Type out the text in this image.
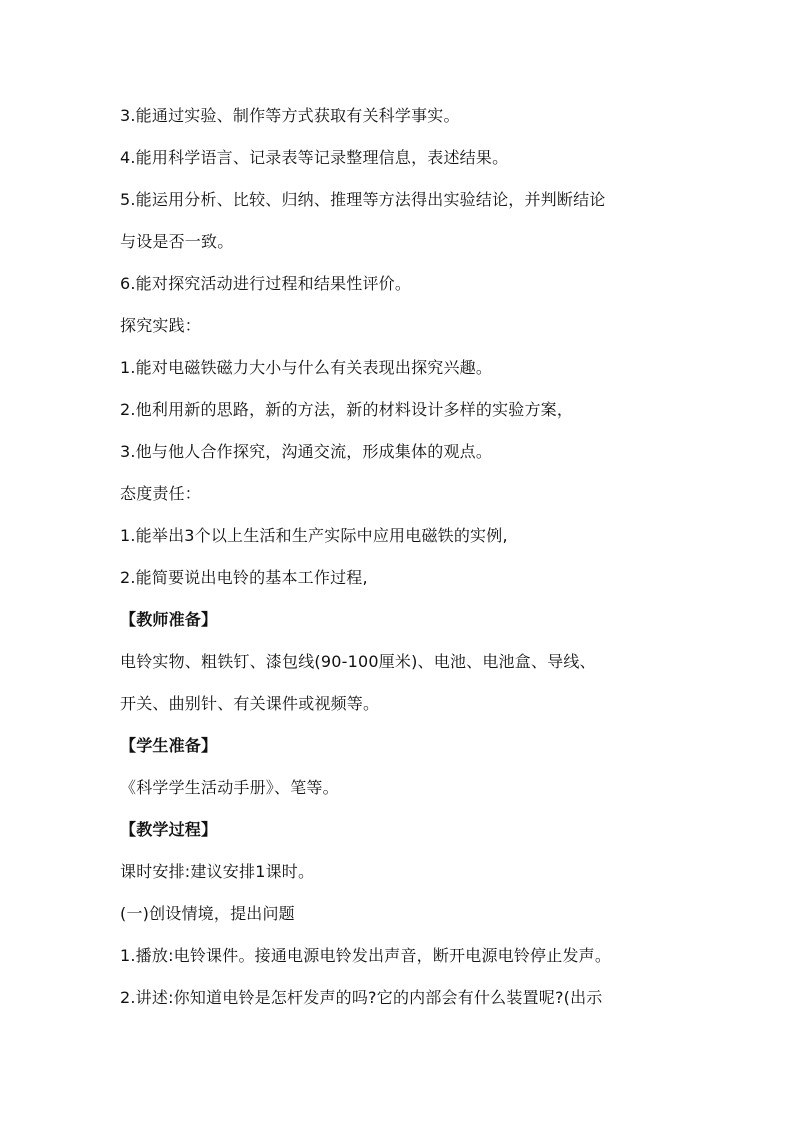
3.能通过实验、制作等方式获取有关科学事实。
4.能用科学语言、记录表等记录整理信息，表述结果。
5.能运用分析、比较、归纳、推理等方法得出实验结论，并判断结论
与设是否一致。
6.能对探究活动进行过程和结果性评价。
探究实践：
1.能对电磁铁磁力大小与什么有关表现出探究兴趣。
2.他利用新的思路，新的方法，新的材料设计多样的实验方案，
3.他与他人合作探究，沟通交流，形成集体的观点。
态度责任：
1.能举出3个以上生活和生产实际中应用电磁铁的实例,
2.能简要说出电铃的基本工作过程,
【教师准备】
电铃实物、粗铁钉、漆包线(90-100厘米)、电池、电池盒、导线、
开关、曲别针、有关课件或视频等。
【学生准备】
《科学学生活动手册》、笔等。
【教学过程】
课时安排:建议安排1课时。
(一)创设情境，提出问题
1.播放:电铃课件。接通电源电铃发出声音，断开电源电铃停止发声。
2.讲述:你知道电铃是怎杆发声的吗?它的内部会有什么装置呢?(出示
